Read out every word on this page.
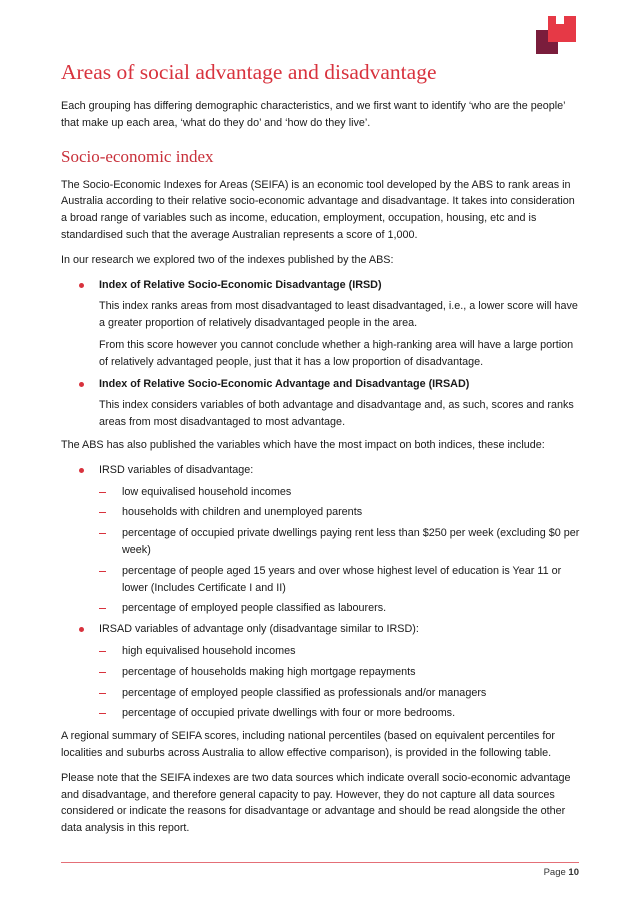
Areas of social advantage and disadvantage

Each grouping has differing demographic characteristics, and we first want to identify ‘who are the people’ that make up each area, ‘what do they do’ and ‘how do they live’.

Socio-economic index

The Socio-Economic Indexes for Areas (SEIFA) is an economic tool developed by the ABS to rank areas in Australia according to their relative socio-economic advantage and disadvantage. It takes into consideration a broad range of variables such as income, education, employment, occupation, housing, etc and is standardised such that the average Australian represents a score of 1,000.

In our research we explored two of the indexes published by the ABS:

Index of Relative Socio-Economic Disadvantage (IRSD)

This index ranks areas from most disadvantaged to least disadvantaged, i.e., a lower score will have a greater proportion of relatively disadvantaged people in the area.

From this score however you cannot conclude whether a high-ranking area will have a large portion of relatively advantaged people, just that it has a low proportion of disadvantage.

Index of Relative Socio-Economic Advantage and Disadvantage (IRSAD)

This index considers variables of both advantage and disadvantage and, as such, scores and ranks areas from most disadvantaged to most advantage.

The ABS has also published the variables which have the most impact on both indices, these include:

IRSD variables of disadvantage:
low equivalised household incomes
households with children and unemployed parents
percentage of occupied private dwellings paying rent less than $250 per week (excluding $0 per week)
percentage of people aged 15 years and over whose highest level of education is Year 11 or lower (Includes Certificate I and II)
percentage of employed people classified as labourers.
IRSAD variables of advantage only (disadvantage similar to IRSD):
high equivalised household incomes
percentage of households making high mortgage repayments
percentage of employed people classified as professionals and/or managers
percentage of occupied private dwellings with four or more bedrooms.

A regional summary of SEIFA scores, including national percentiles (based on equivalent percentiles for localities and suburbs across Australia to allow effective comparison), is provided in the following table.

Please note that the SEIFA indexes are two data sources which indicate overall socio-economic advantage and disadvantage, and therefore general capacity to pay. However, they do not capture all data sources considered or indicate the reasons for disadvantage or advantage and should be read alongside the other data analysis in this report.

Page 10
